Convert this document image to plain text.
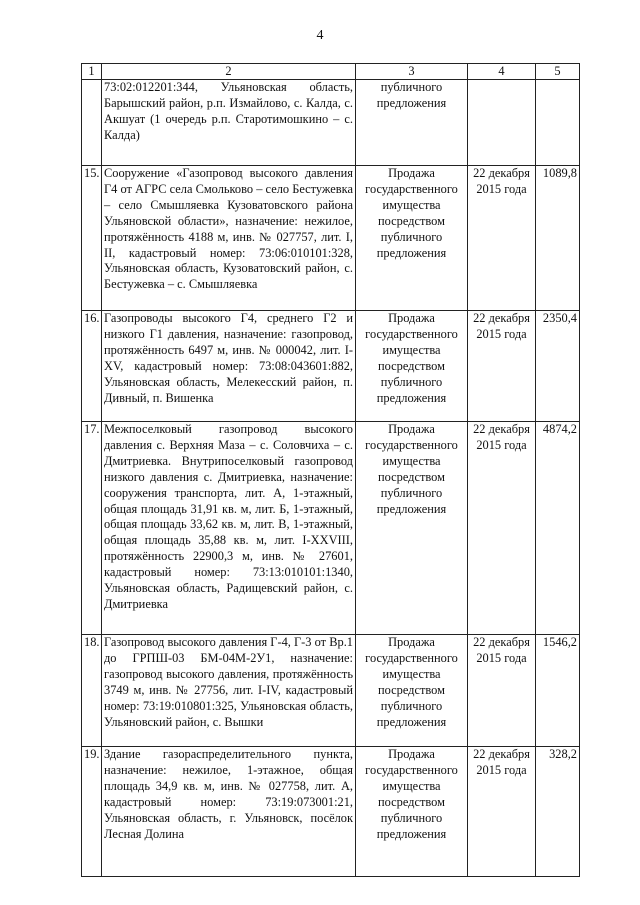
4
1	2	3	4	5
	73:02:012201:344, Ульяновская область, Барышский район, р.п. Измайлово, с. Калда, с. Акшуат (1 очередь р.п. Старотимошкино – с. Калда)	публичного предложения		
15.	Сооружение «Газопровод высокого давления Г4 от АГРС села Смольково – село Бестужевка – село Смышляевка Кузоватовского района Ульяновской области», назначение: нежилое, протяжённость 4188 м, инв. № 027757, лит. I, II, кадастровый номер: 73:06:010101:328, Ульяновская область, Кузоватовский район, с. Бестужевка – с. Смышляевка	Продажа государственного имущества посредством публичного предложения	22 декабря 2015 года	1089,8
16.	Газопроводы высокого Г4, среднего Г2 и низкого Г1 давления, назначение: газопровод, протяжённость 6497 м, инв. № 000042, лит. I-XV, кадастровый номер: 73:08:043601:882, Ульяновская область, Мелекесский район, п. Дивный, п. Вишенка	Продажа государственного имущества посредством публичного предложения	22 декабря 2015 года	2350,4
17.	Межпоселковый газопровод высокого давления с. Верхняя Маза – с. Соловчиха – с. Дмитриевка. Внутрипоселковый газопровод низкого давления с. Дмитриевка, назначение: сооружения транспорта, лит. А, 1-этажный, общая площадь 31,91 кв. м, лит. Б, 1-этажный, общая площадь 33,62 кв. м, лит. В, 1-этажный, общая площадь 35,88 кв. м, лит. I-XXVIII, протяжённость 22900,3 м, инв. № 27601, кадастровый номер: 73:13:010101:1340, Ульяновская область, Радищевский район, с. Дмитриевка	Продажа государственного имущества посредством публичного предложения	22 декабря 2015 года	4874,2
18.	Газопровод высокого давления Г-4, Г-3 от Вр.1 до ГРПШ-03 БМ-04М-2У1, назначение: газопровод высокого давления, протяжённость 3749 м, инв. № 27756, лит. I-IV, кадастровый номер: 73:19:010801:325, Ульяновская область, Ульяновский район, с. Вышки	Продажа государственного имущества посредством публичного предложения	22 декабря 2015 года	1546,2
19.	Здание газораспределительного пункта, назначение: нежилое, 1-этажное, общая площадь 34,9 кв. м, инв. № 027758, лит. А, кадастровый номер: 73:19:073001:21, Ульяновская область, г. Ульяновск, посёлок Лесная Долина	Продажа государственного имущества посредством публичного предложения	22 декабря 2015 года	328,2
